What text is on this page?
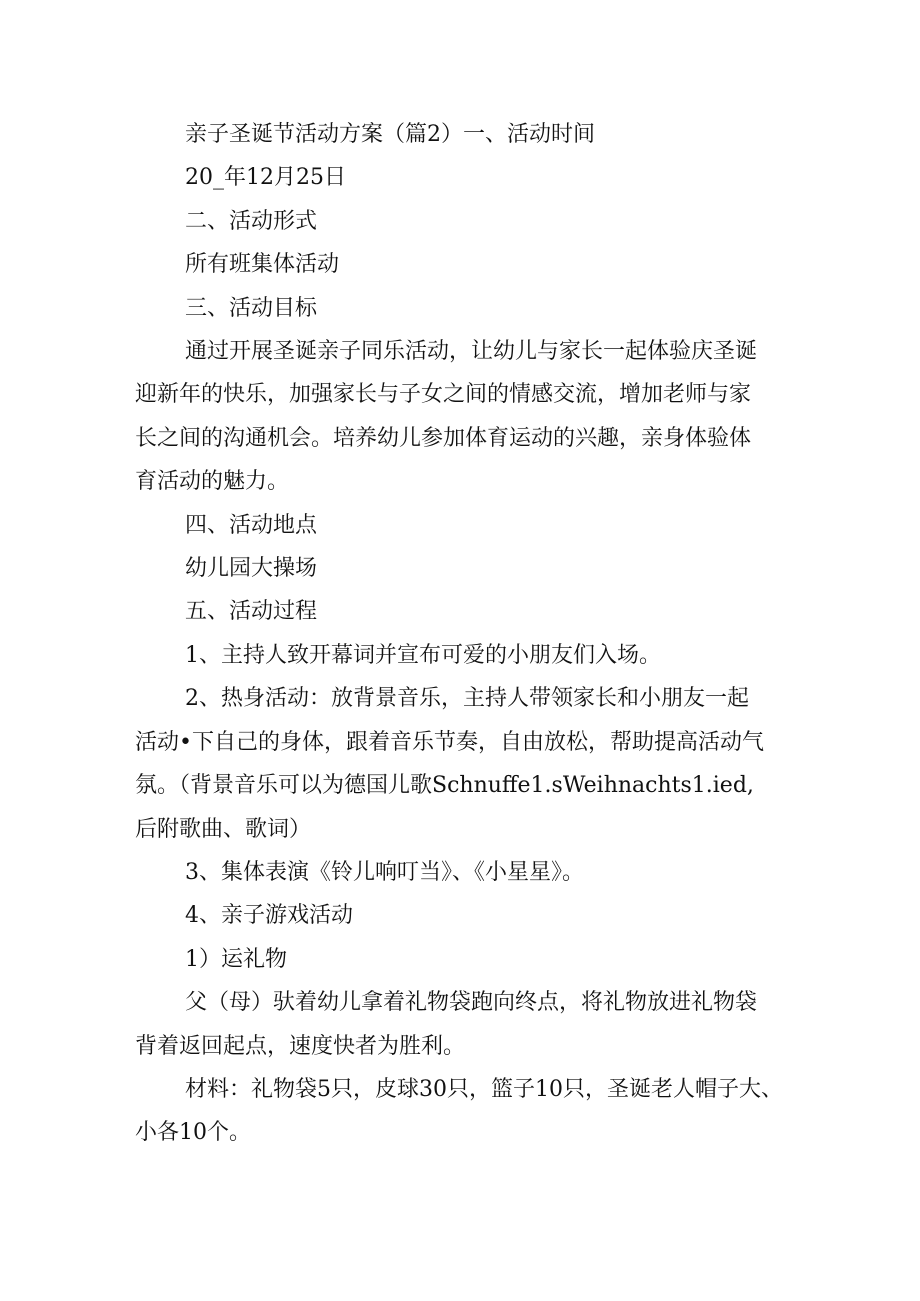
亲子圣诞节活动方案（篇2）一、活动时间
20_年12月25日
二、活动形式
所有班集体活动
三、活动目标
通过开展圣诞亲子同乐活动，让幼儿与家长一起体验庆圣诞
迎新年的快乐，加强家长与子女之间的情感交流，增加老师与家
长之间的沟通机会。培养幼儿参加体育运动的兴趣，亲身体验体
育活动的魅力。
四、活动地点
幼儿园大操场
五、活动过程
1、主持人致开幕词并宣布可爱的小朋友们入场。
2、热身活动：放背景音乐，主持人带领家长和小朋友一起
活动•下自己的身体，跟着音乐节奏，自由放松，帮助提高活动气
氛。（背景音乐可以为德国儿歌Schnuffe1.sWeihnachts1.ied,
后附歌曲、歌词）
3、集体表演《铃儿响叮当》、《小星星》。
4、亲子游戏活动
1）运礼物
父（母）驮着幼儿拿着礼物袋跑向终点，将礼物放进礼物袋
背着返回起点，速度快者为胜利。
材料：礼物袋5只，皮球30只，篮子10只，圣诞老人帽子大、
小各10个。
